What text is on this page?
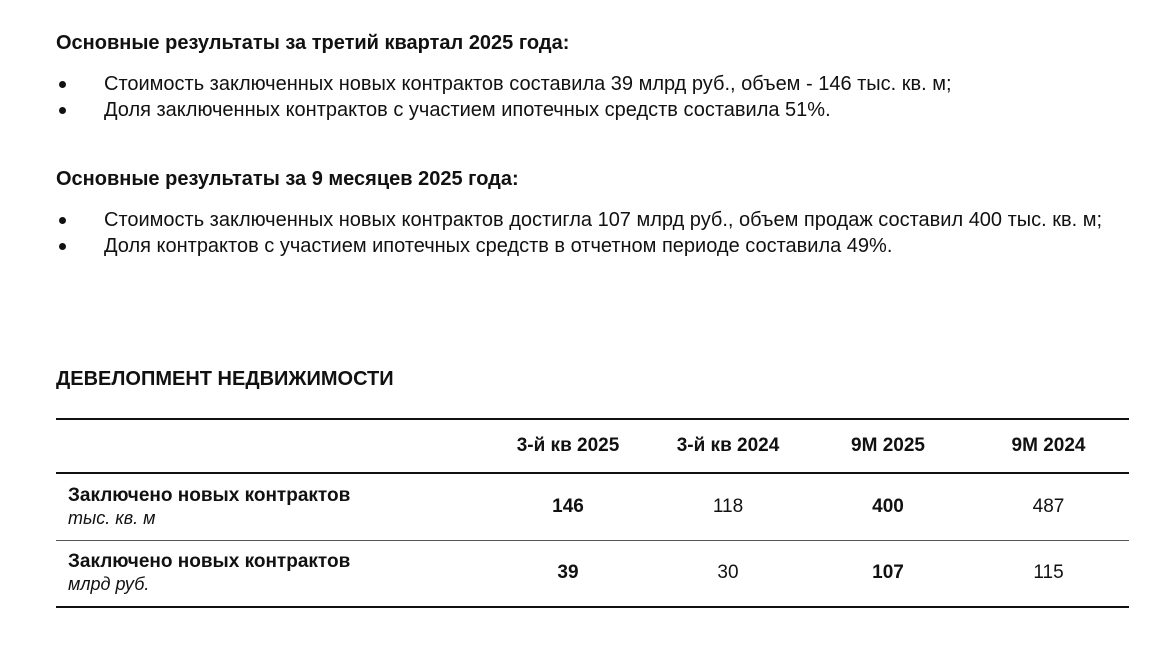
Основные результаты за третий квартал 2025 года:
Стоимость заключенных новых контрактов составила 39 млрд руб., объем - 146 тыс. кв. м;
Доля заключенных контрактов с участием ипотечных средств составила 51%.
Основные результаты за 9 месяцев 2025 года:
Стоимость заключенных новых контрактов достигла 107 млрд руб., объем продаж составил 400 тыс. кв. м;
Доля контрактов с участием ипотечных средств в отчетном периоде составила 49%.
ДЕВЕЛОПМЕНТ НЕДВИЖИМОСТИ
	3-й кв 2025	3-й кв 2024	9М 2025	9М 2024

Заключено новых контрактов
тыс. кв. м	146	118	400	487

Заключено новых контрактов
млрд руб.	39	30	107	115
